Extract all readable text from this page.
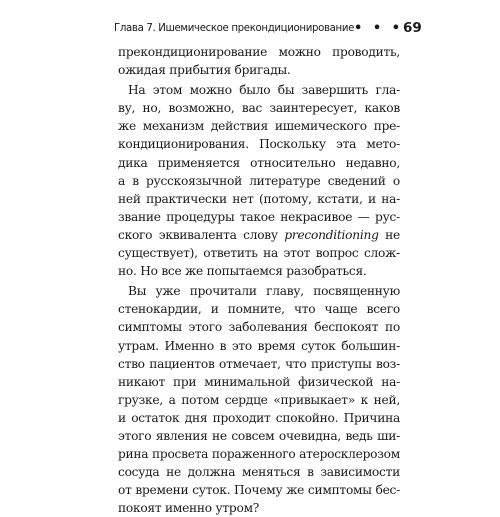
Глава 7. Ишемическое прекондиционирование • • • 69
прекондиционирование можно проводить,
ожидая прибытия бригады.
На этом можно было бы завершить гла-
ву, но, возможно, вас заинтересует, каков
же механизм действия ишемического пре-
кондиционирования. Поскольку эта мето-
дика применяется относительно недавно,
а в русскоязычной литературе сведений о
ней практически нет (потому, кстати, и на-
звание процедуры такое некрасивое — рус-
ского эквивалента слову preconditioning не
существует), ответить на этот вопрос слож-
но. Но все же попытаемся разобраться.
Вы уже прочитали главу, посвященную
стенокардии, и помните, что чаще всего
симптомы этого заболевания беспокоят по
утрам. Именно в это время суток большин-
ство пациентов отмечает, что приступы воз-
никают при минимальной физической на-
грузке, а потом сердце «привыкает» к ней,
и остаток дня проходит спокойно. Причина
этого явления не совсем очевидна, ведь ши-
рина просвета пораженного атеросклерозом
сосуда не должна меняться в зависимости
от времени суток. Почему же симптомы бес-
покоят именно утром?
